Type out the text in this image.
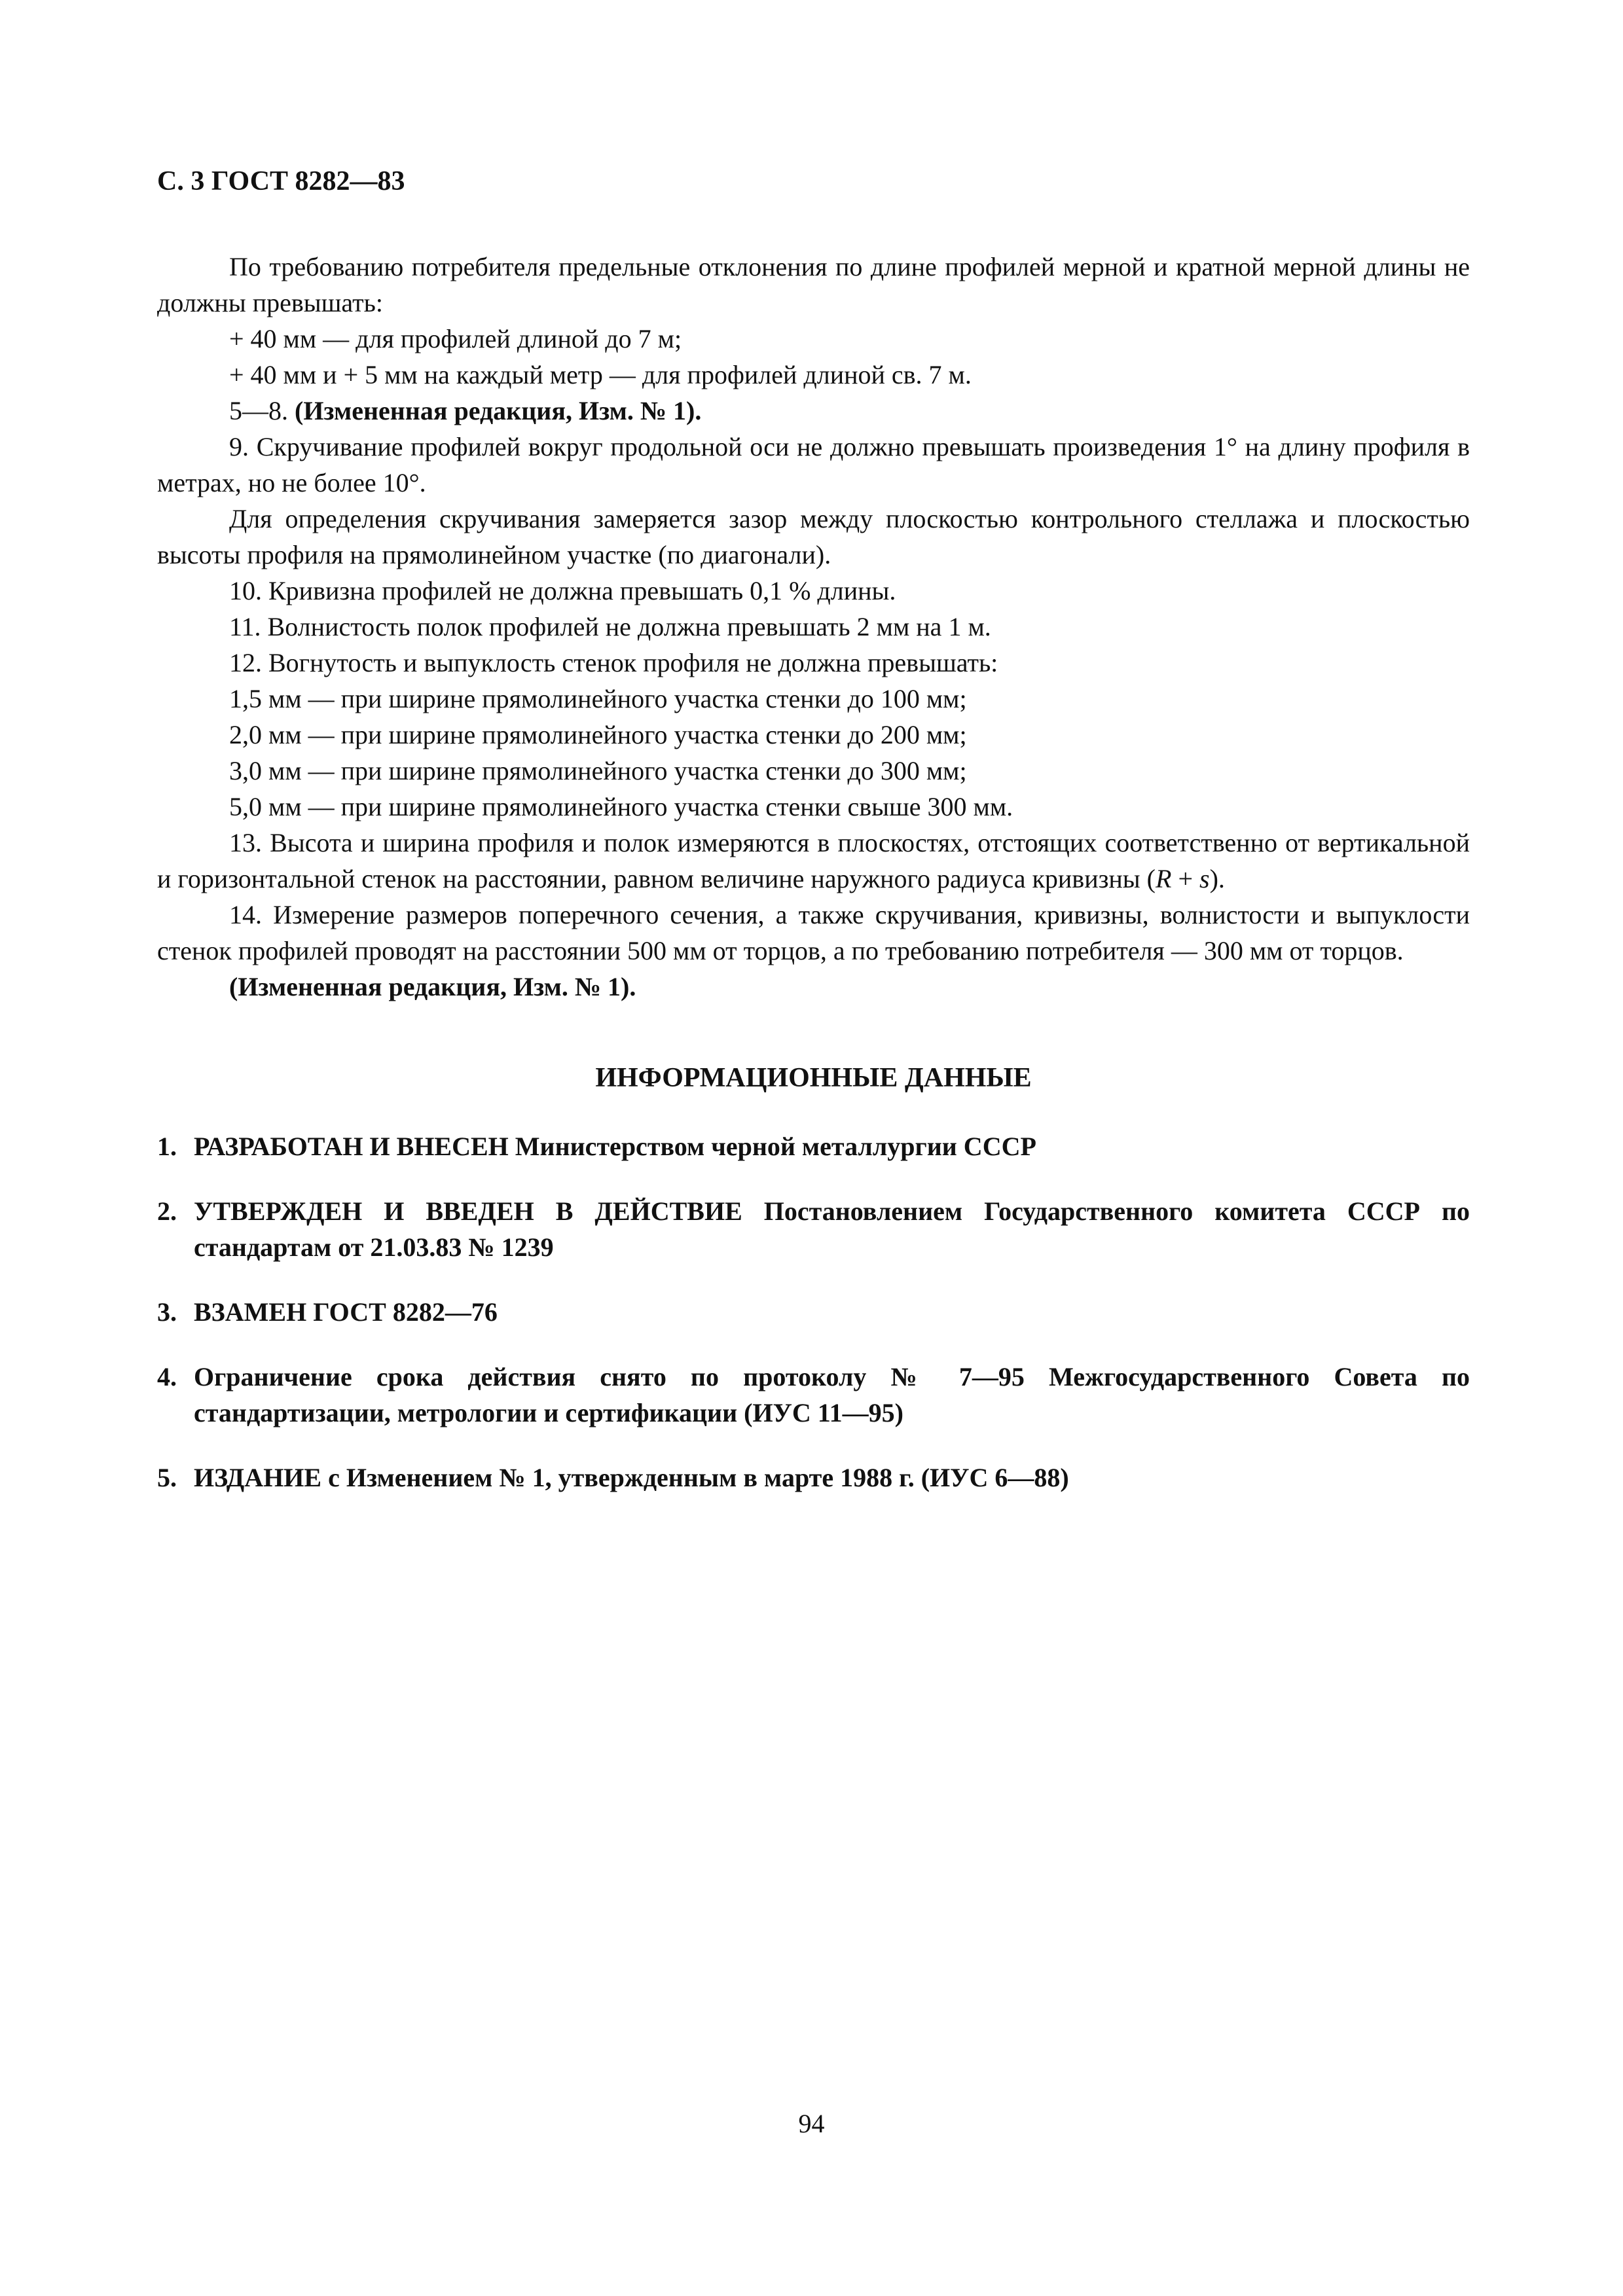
С. 3 ГОСТ 8282—83

По требованию потребителя предельные отклонения по длине профилей мерной и кратной мерной длины не должны превышать:

+ 40 мм — для профилей длиной до 7 м;

+ 40 мм и + 5 мм на каждый метр — для профилей длиной св. 7 м.

5—8. (Измененная редакция, Изм. № 1).

9. Скручивание профилей вокруг продольной оси не должно превышать произведения 1° на длину профиля в метрах, но не более 10°.

Для определения скручивания замеряется зазор между плоскостью контрольного стеллажа и плоскостью высоты профиля на прямолинейном участке (по диагонали).

10. Кривизна профилей не должна превышать 0,1 % длины.

11. Волнистость полок профилей не должна превышать 2 мм на 1 м.

12. Вогнутость и выпуклость стенок профиля не должна превышать:

1,5 мм — при ширине прямолинейного участка стенки до 100 мм;

2,0 мм — при ширине прямолинейного участка стенки до 200 мм;

3,0 мм — при ширине прямолинейного участка стенки до 300 мм;

5,0 мм — при ширине прямолинейного участка стенки свыше 300 мм.

13. Высота и ширина профиля и полок измеряются в плоскостях, отстоящих соответственно от вертикальной и горизонтальной стенок на расстоянии, равном величине наружного радиуса кривизны (R + s).

14. Измерение размеров поперечного сечения, а также скручивания, кривизны, волнистости и выпуклости стенок профилей проводят на расстоянии 500 мм от торцов, а по требованию потребителя — 300 мм от торцов.

(Измененная редакция, Изм. № 1).

ИНФОРМАЦИОННЫЕ ДАННЫЕ
1. РАЗРАБОТАН И ВНЕСЕН Министерством черной металлургии СССР
2. УТВЕРЖДЕН И ВВЕДЕН В ДЕЙСТВИЕ Постановлением Государственного комитета СССР по стандартам от 21.03.83 № 1239
3. ВЗАМЕН ГОСТ 8282—76
4. Ограничение срока действия снято по протоколу № 7—95 Межгосударственного Совета по стандартизации, метрологии и сертификации (ИУС 11—95)
5. ИЗДАНИЕ с Изменением № 1, утвержденным в марте 1988 г. (ИУС 6—88)
94
